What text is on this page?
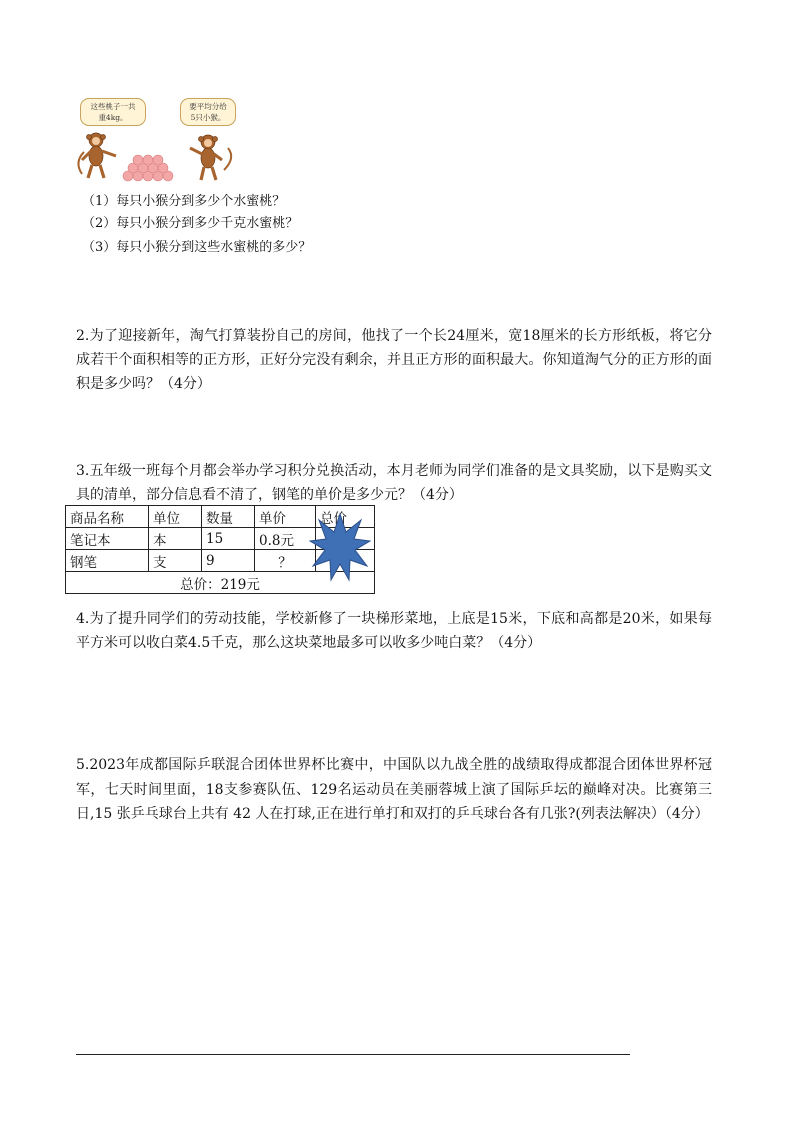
这些桃子一共
重4kg。
要平均分给
5只小猴。
（1）每只小猴分到多少个水蜜桃？
（2）每只小猴分到多少千克水蜜桃？
（3）每只小猴分到这些水蜜桃的多少？
2.为了迎接新年，淘气打算装扮自己的房间，他找了一个长24厘米，宽18厘米的长方形纸板，将它分成若干个面积相等的正方形，正好分完没有剩余，并且正方形的面积最大。你知道淘气分的正方形的面积是多少吗？（4分）
3.五年级一班每个月都会举办学习积分兑换活动，本月老师为同学们准备的是文具奖励，以下是购买文具的清单，部分信息看不清了，钢笔的单价是多少元？（4分）
商品名称	单位	数量	单价	总价
笔记本	本	15	0.8元	
钢笔	支	9	？	
总价：219元				
4.为了提升同学们的劳动技能，学校新修了一块梯形菜地，上底是15米，下底和高都是20米，如果每平方米可以收白菜4.5千克，那么这块菜地最多可以收多少吨白菜？（4分）
5.2023年成都国际乒联混合团体世界杯比赛中，中国队以九战全胜的战绩取得成都混合团体世界杯冠军，七天时间里面，18支参赛队伍、129名运动员在美丽蓉城上演了国际乒坛的巅峰对决。比赛第三日,15 张乒乓球台上共有 42 人在打球,正在进行单打和双打的乒乓球台各有几张?(列表法解决）（4分）
